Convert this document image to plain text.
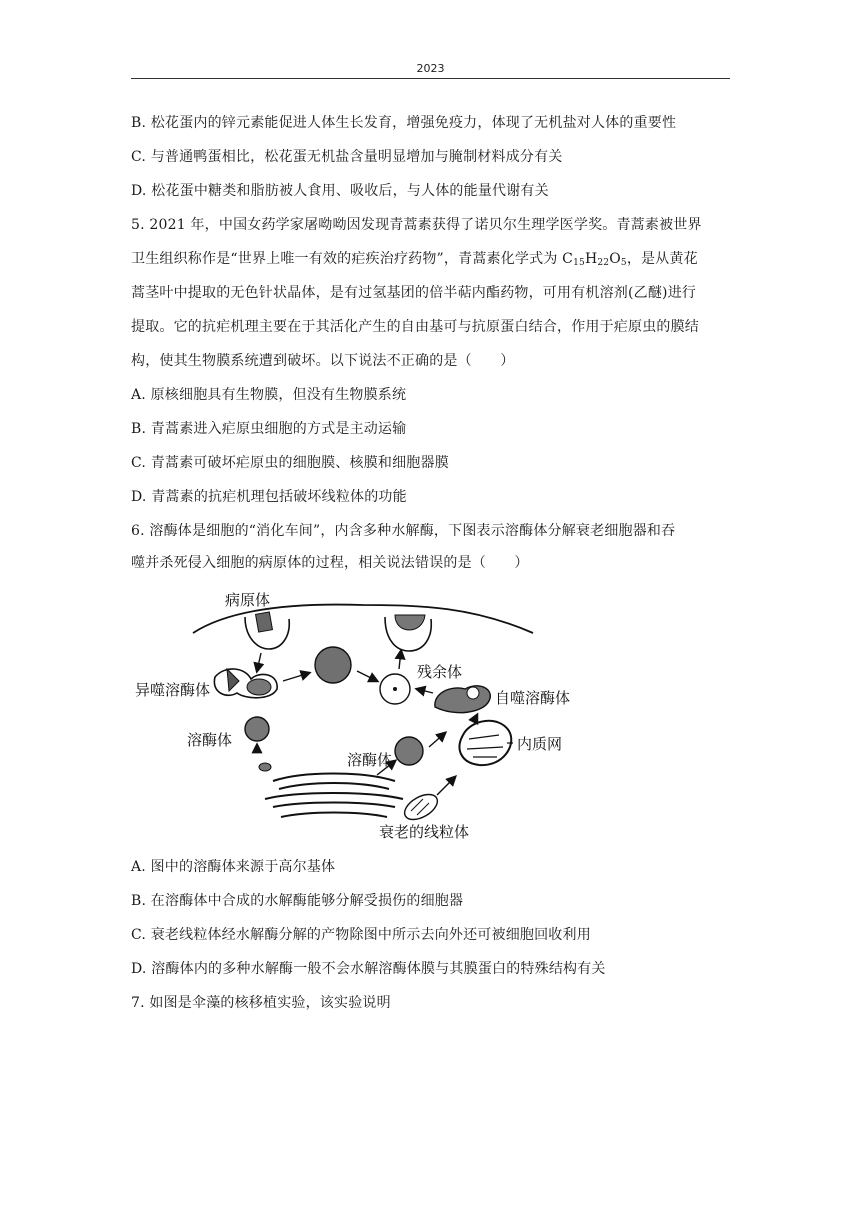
2023
B. 松花蛋内的锌元素能促进人体生长发育，增强免疫力，体现了无机盐对人体的重要性
C. 与普通鸭蛋相比，松花蛋无机盐含量明显增加与腌制材料成分有关
D. 松花蛋中糖类和脂肪被人食用、吸收后，与人体的能量代谢有关
5. 2021 年，中国女药学家屠呦呦因发现青蒿素获得了诺贝尔生理学医学奖。青蒿素被世界
卫生组织称作是“世界上唯一有效的疟疾治疗药物”，青蒿素化学式为 $C_{15}H_{22}O_5$，是从黄花
蒿茎叶中提取的无色针状晶体，是有过氢基团的倍半萜内酯药物，可用有机溶剂(乙醚)进行
提取。它的抗疟机理主要在于其活化产生的自由基可与抗原蛋白结合，作用于疟原虫的膜结
构，使其生物膜系统遭到破坏。以下说法不正确的是（　　）
A. 原核细胞具有生物膜，但没有生物膜系统
B. 青蒿素进入疟原虫细胞的方式是主动运输
C. 青蒿素可破坏疟原虫的细胞膜、核膜和细胞器膜
D. 青蒿素的抗疟机理包括破坏线粒体的功能
6. 溶酶体是细胞的“消化车间”，内含多种水解酶，下图表示溶酶体分解衰老细胞器和吞
噬并杀死侵入细胞的病原体的过程，相关说法错误的是（　　）
病原体
异噬溶酶体
溶酶体
残余体
自噬溶酶体
内质网
溶酶体
衰老的线粒体
A. 图中的溶酶体来源于高尔基体
B. 在溶酶体中合成的水解酶能够分解受损伤的细胞器
C. 衰老线粒体经水解酶分解的产物除图中所示去向外还可被细胞回收利用
D. 溶酶体内的多种水解酶一般不会水解溶酶体膜与其膜蛋白的特殊结构有关
7. 如图是伞藻的核移植实验，该实验说明
